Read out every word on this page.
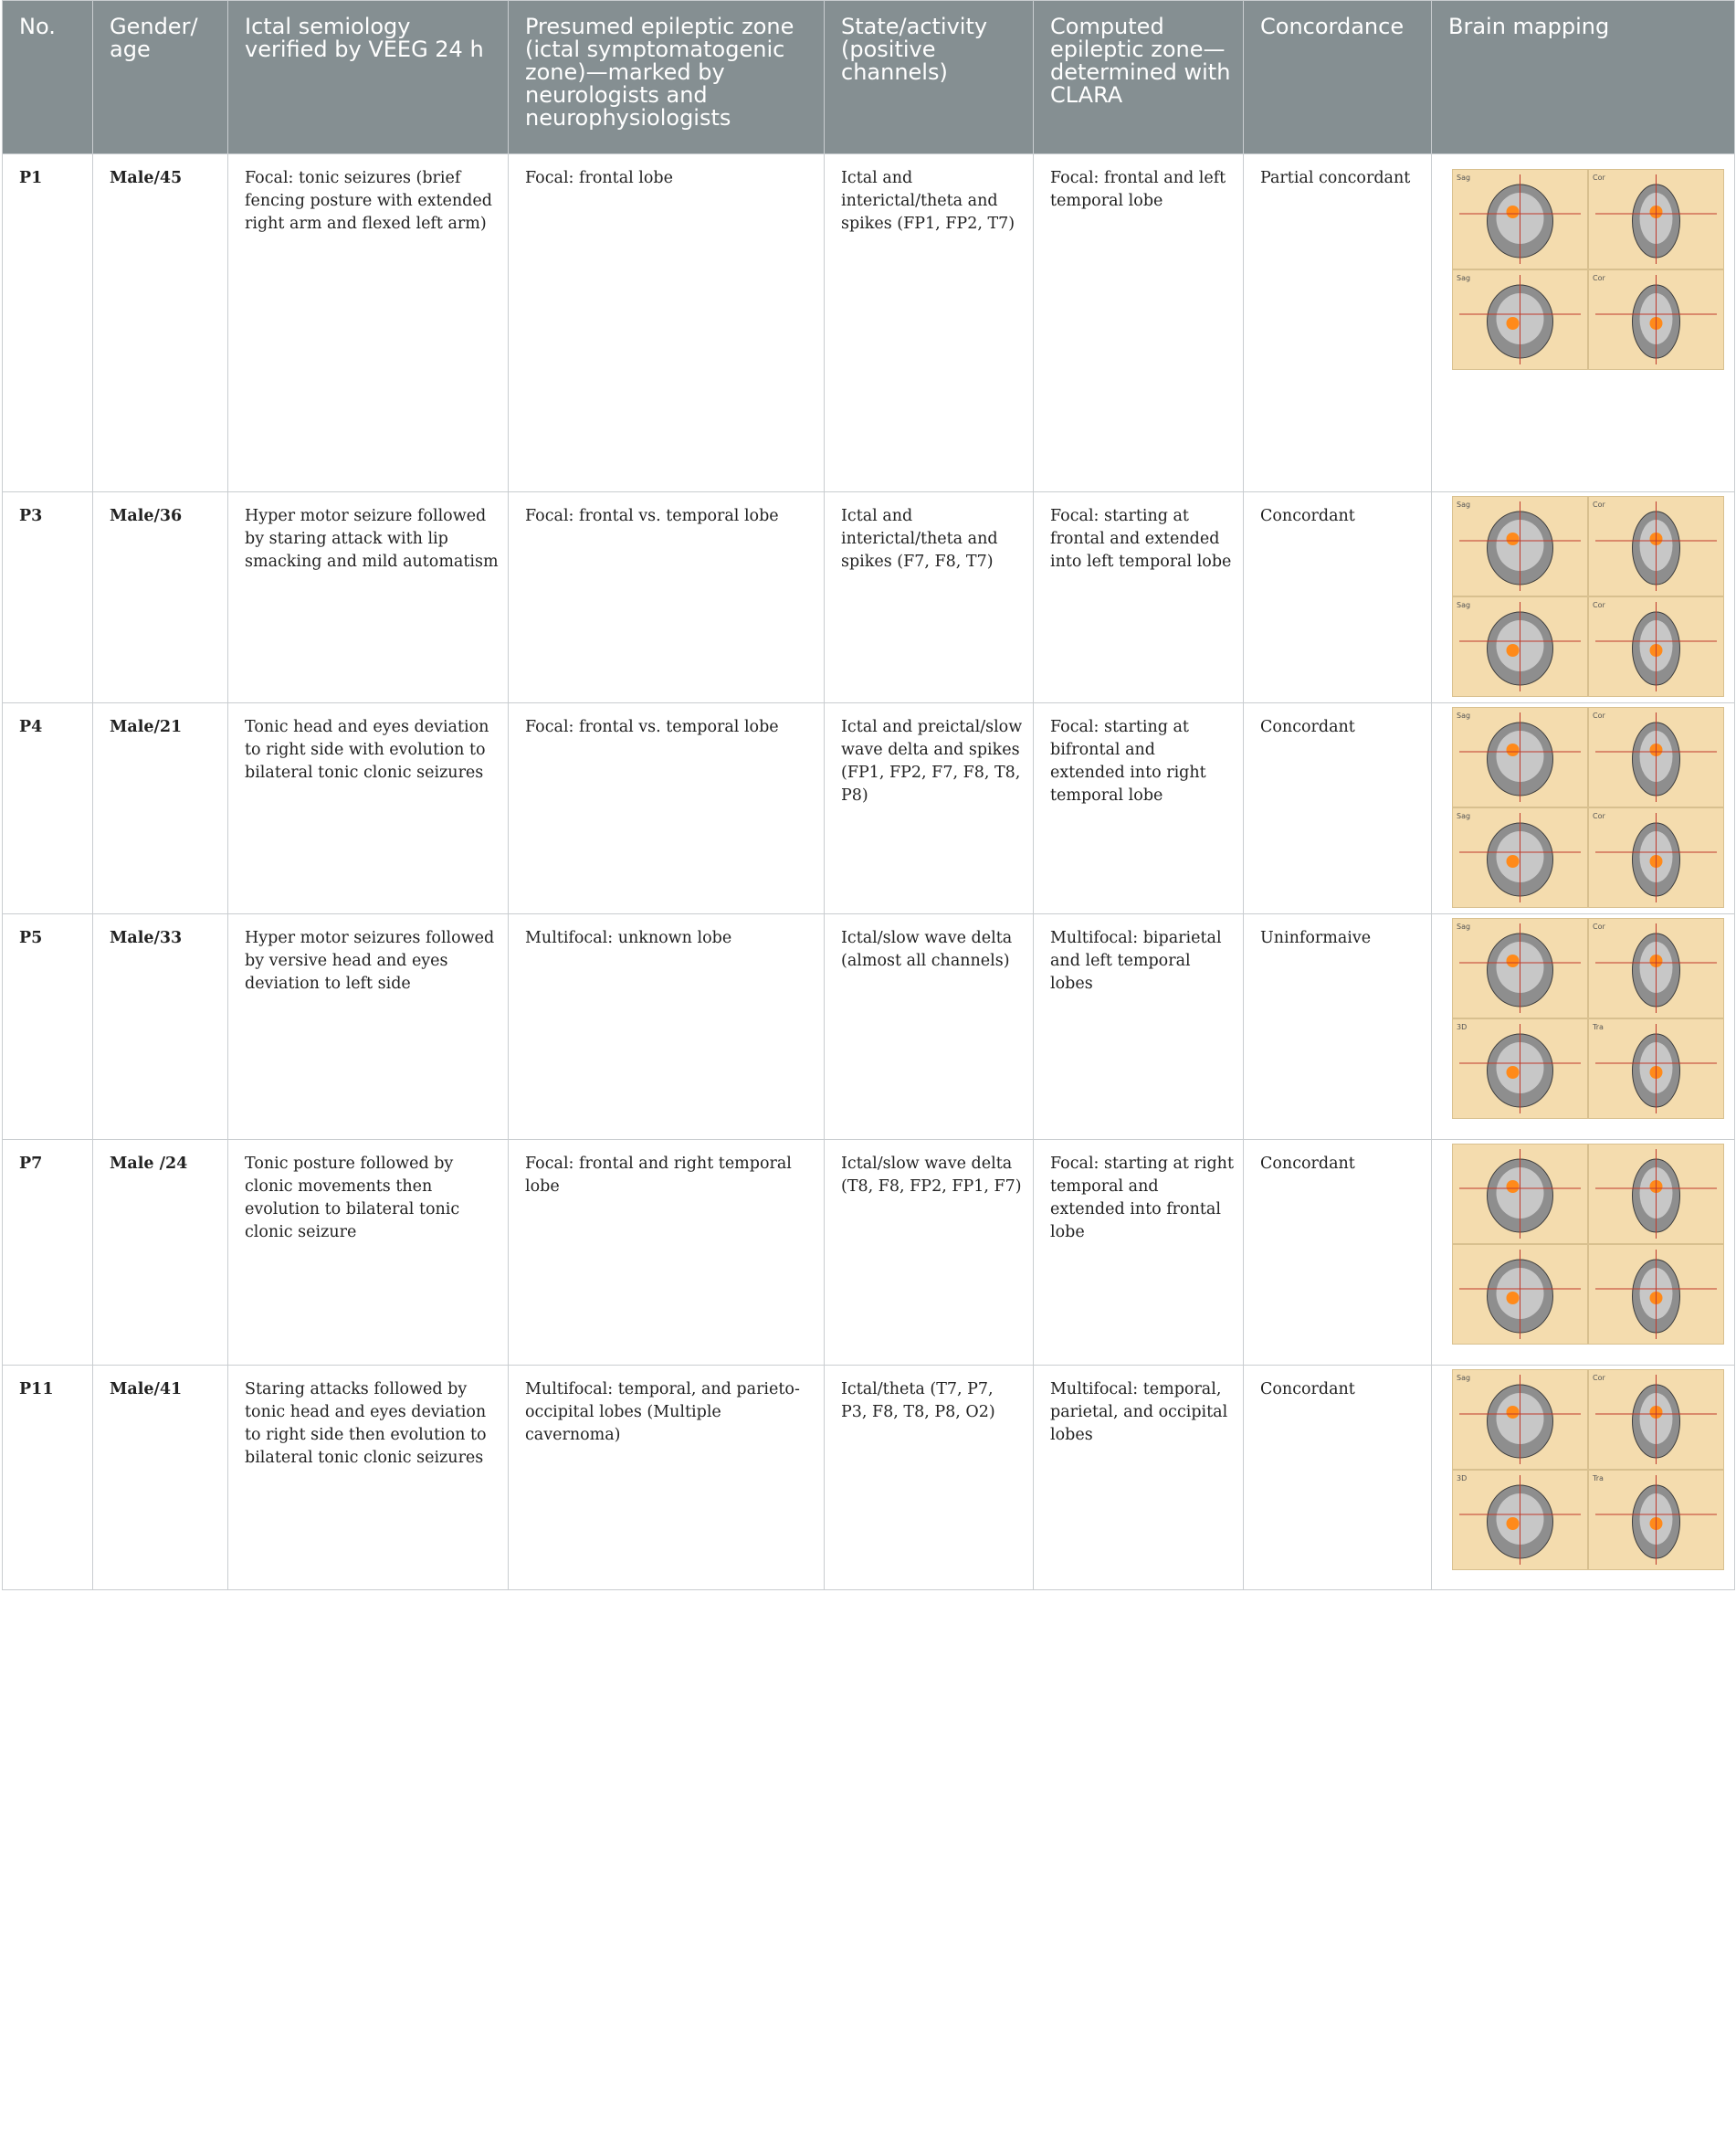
No.	Gender/ age	Ictal semiology verified by VEEG 24 h	Presumed epileptic zone (ictal symptomatogenic zone)—marked by neurologists and neurophysiologists	State/activity (positive channels)	Computed epileptic zone—determined with CLARA	Concordance	Brain mapping
P1	Male/45	Focal: tonic seizures (brief fencing posture with extended right arm and flexed left arm)	Focal: frontal lobe	Ictal and interictal/theta and spikes (FP1, FP2, T7)	Focal: frontal and left temporal lobe	Partial concordant	Sag Cor
Sag Cor

P3	Male/36	Hyper motor seizure followed by staring attack with lip smacking and mild automatism	Focal: frontal vs. temporal lobe	Ictal and interictal/theta and spikes (F7, F8, T7)	Focal: starting at frontal and extended into left temporal lobe	Concordant	Sag Cor
Sag Cor

P4	Male/21	Tonic head and eyes deviation to right side with evolution to bilateral tonic clonic seizures	Focal: frontal vs. temporal lobe	Ictal and preictal/slow wave delta and spikes (FP1, FP2, F7, F8, T8, P8)	Focal: starting at bifrontal and extended into right temporal lobe	Concordant	Sag Cor
Sag Cor

P5	Male/33	Hyper motor seizures followed by versive head and eyes deviation to left side	Multifocal: unknown lobe	Ictal/slow wave delta (almost all channels)	Multifocal: biparietal and left temporal lobes	Uninformaive	Sag Cor
3D Tra

P7	Male /24	Tonic posture followed by clonic movements then evolution to bilateral tonic clonic seizure	Focal: frontal and right temporal lobe	Ictal/slow wave delta (T8, F8, FP2, FP1, F7)	Focal: starting at right temporal and extended into frontal lobe	Concordant	

P11	Male/41	Staring attacks followed by tonic head and eyes deviation to right side then evolution to bilateral tonic clonic seizures	Multifocal: temporal, and parieto-occipital lobes (Multiple cavernoma)	Ictal/theta (T7, P7, P3, F8, T8, P8, O2)	Multifocal: temporal, parietal, and occipital lobes	Concordant	Sag Cor
3D Tra
